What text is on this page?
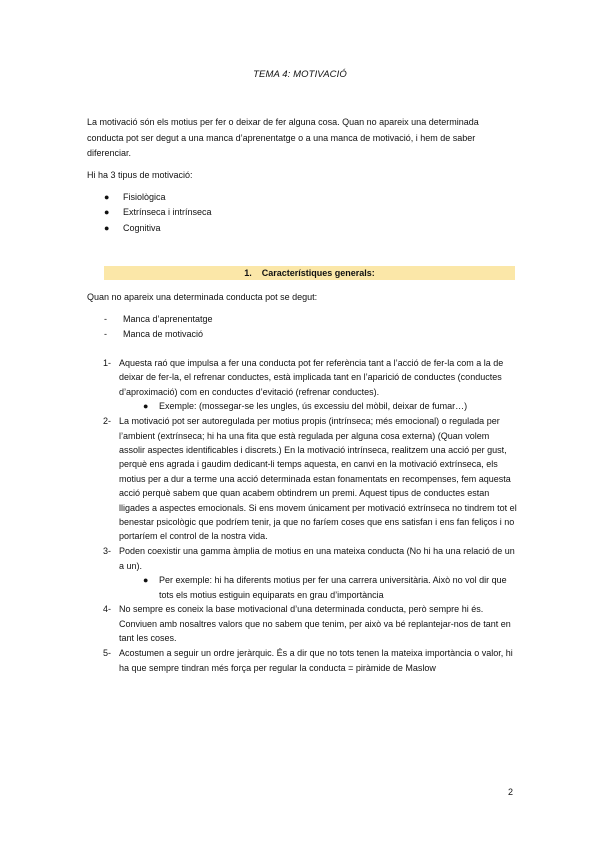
TEMA 4: MOTIVACIÓ
La motivació són els motius per fer o deixar de fer alguna cosa. Quan no apareix una determinada conducta pot ser degut a una manca d’aprenentatge o a una manca de motivació, i hem de saber diferenciar.
Hi ha 3 tipus de motivació:
● Fisiològica
● Extrínseca i intrínseca
● Cognitiva
1. Característiques generals:
Quan no apareix una determinada conducta pot se degut:
- Manca d’aprenentatge
- Manca de motivació
1- Aquesta raó que impulsa a fer una conducta pot fer referència tant a l’acció de fer-la com a la de deixar de fer-la, el refrenar conductes, està implicada tant en l’aparició de conductes (conductes d’aproximació) com en conductes d’evitació (refrenar conductes).
● Exemple: (mossegar-se les ungles, ús excessiu del mòbil, deixar de fumar…)
2- La motivació pot ser autoregulada per motius propis (intrínseca; més emocional) o regulada per l’ambient (extrínseca; hi ha una fita que està regulada per alguna cosa externa) (Quan volem assolir aspectes identificables i discrets.) En la motivació intrínseca, realitzem una acció per gust, perquè ens agrada i gaudim dedicant-li temps aquesta, en canvi en la motivació extrínseca, els motius per a dur a terme una acció determinada estan fonamentats en recompenses, fem aquesta acció perquè sabem que quan acabem obtindrem un premi. Aquest tipus de conductes estan lligades a aspectes emocionals. Si ens movem únicament per motivació extrínseca no tindrem tot el benestar psicològic que podríem tenir, ja que no faríem coses que ens satisfan i ens fan feliços i no portaríem el control de la nostra vida.
3- Poden coexistir una gamma àmplia de motius en una mateixa conducta (No hi ha una relació de un a un).
● Per exemple: hi ha diferents motius per fer una carrera universitària. Això no vol dir que tots els motius estiguin equiparats en grau d’importància
4- No sempre es coneix la base motivacional d’una determinada conducta, però sempre hi és. Conviuen amb nosaltres valors que no sabem que tenim, per això va bé replantejar-nos de tant en tant les coses.
5- Acostumen a seguir un ordre jeràrquic. És a dir que no tots tenen la mateixa importància o valor, hi ha que sempre tindran més força per regular la conducta = piràmide de Maslow
2
